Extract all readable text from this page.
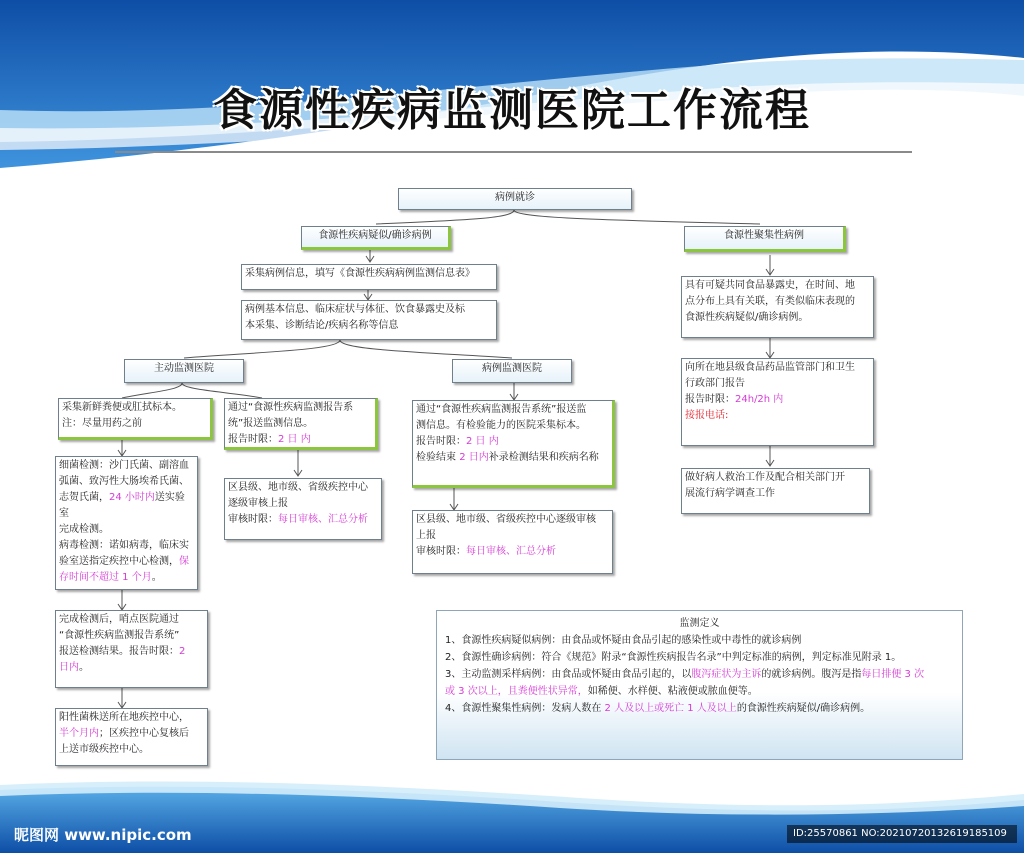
食源性疾病监测医院工作流程
病例就诊
食源性疾病疑似/确诊病例	食源性聚集性病例
采集病例信息，填写《食源性疾病病例监测信息表》
病例基本信息、临床症状与体征、饮食暴露史及标
本采集、诊断结论/疾病名称等信息
主动监测医院	病例监测医院
采集新鲜粪便或肛拭标本。
注：尽量用药之前
通过“食源性疾病监测报告系
统”报送监测信息。
报告时限：2 日 内
通过“食源性疾病监测报告系统”报送监
测信息。有检验能力的医院采集标本。
报告时限：2 日 内
检验结束 2 日内补录检测结果和疾病名称
细菌检测：沙门氏菌、副溶血
弧菌、致泻性大肠埃希氏菌、
志贺氏菌，24 小时内送实验室
完成检测。
病毒检测：诺如病毒，临床实
验室送指定疾控中心检测，保
存时间不超过 1 个月。
区县级、地市级、省级疾控中心
逐级审核上报
审核时限：每日审核、汇总分析	区县级、地市级、省级疾控中心逐级审核
上报
审核时限：每日审核、汇总分析
完成检测后，哨点医院通过
“食源性疾病监测报告系统”
报送检测结果。报告时限：2
日内。
阳性菌株送所在地疾控中心，
半个月内；区疾控中心复核后
上送市级疾控中心。
具有可疑共同食品暴露史，在时间、地
点分布上具有关联，有类似临床表现的
食源性疾病疑似/确诊病例。
向所在地县级食品药品监管部门和卫生
行政部门报告
报告时限：24h/2h 内
接报电话:
做好病人救治工作及配合相关部门开
展流行病学调查工作
监测定义
1、食源性疾病疑似病例：由食品或怀疑由食品引起的感染性或中毒性的就诊病例
2、食源性确诊病例：符合《规范》附录“食源性疾病报告名录”中判定标准的病例，判定标准见附录 1。
3、主动监测采样病例：由食品或怀疑由食品引起的，以腹泻症状为主诉的就诊病例。腹泻是指每日排便 3 次
或 3 次以上，且粪便性状异常，如稀便、水样便、粘液便或脓血便等。
4、食源性聚集性病例：发病人数在 2 人及以上或死亡 1 人及以上的食源性疾病疑似/确诊病例。
昵图网 www.nipic.com	ID:25570861 NO:20210720132619185109
